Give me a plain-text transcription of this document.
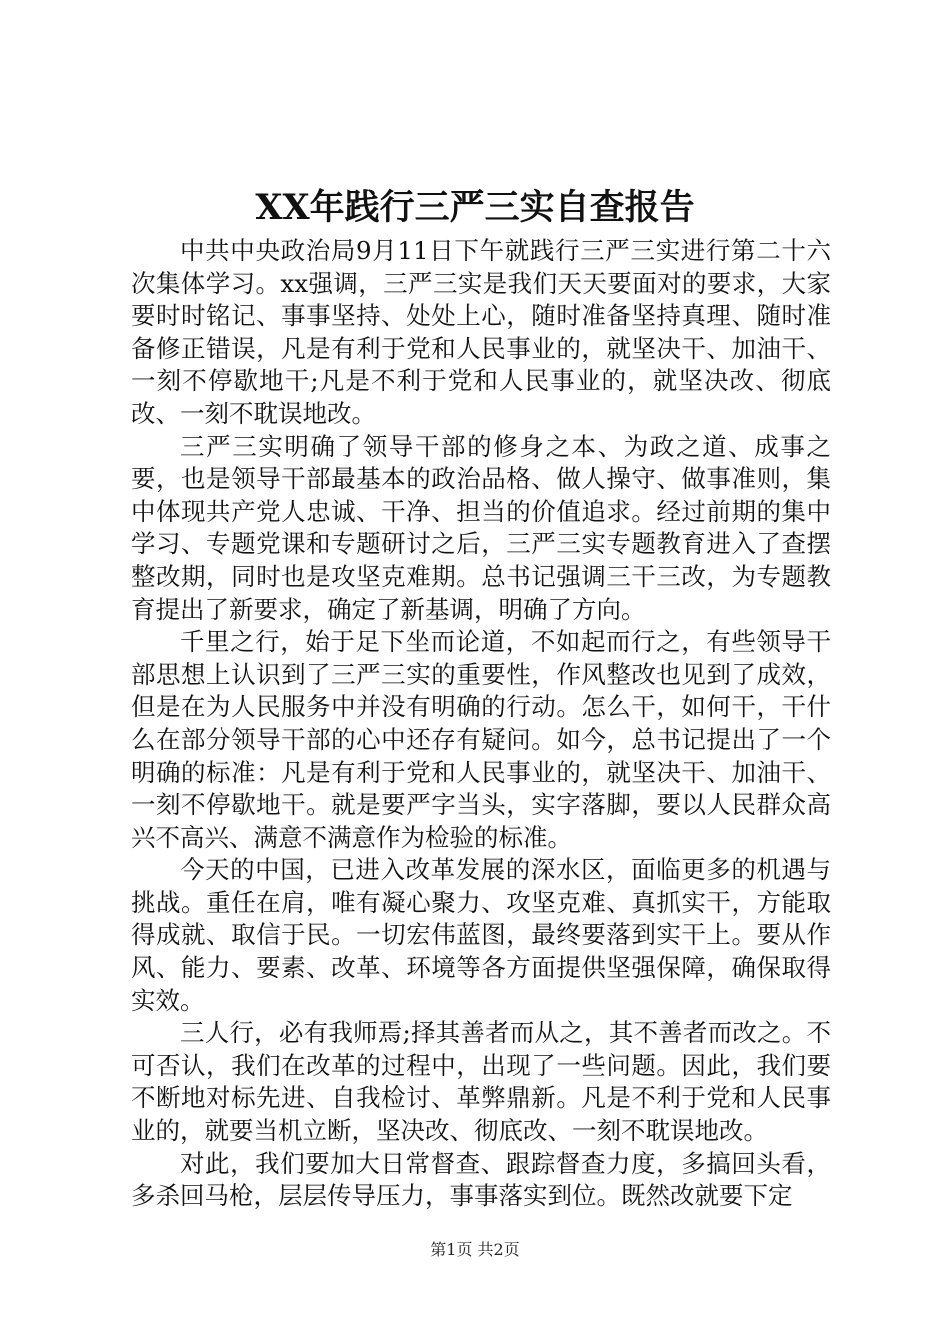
XX年践行三严三实自查报告

中共中央政治局9月11日下午就践行三严三实进行第二十六次集体学习。xx强调，三严三实是我们天天要面对的要求，大家要时时铭记、事事坚持、处处上心，随时准备坚持真理、随时准备修正错误，凡是有利于党和人民事业的，就坚决干、加油干、一刻不停歇地干;凡是不利于党和人民事业的，就坚决改、彻底改、一刻不耽误地改。

三严三实明确了领导干部的修身之本、为政之道、成事之要，也是领导干部最基本的政治品格、做人操守、做事准则，集中体现共产党人忠诚、干净、担当的价值追求。经过前期的集中学习、专题党课和专题研讨之后，三严三实专题教育进入了查摆整改期，同时也是攻坚克难期。总书记强调三干三改，为专题教育提出了新要求，确定了新基调，明确了方向。

千里之行，始于足下坐而论道，不如起而行之，有些领导干部思想上认识到了三严三实的重要性，作风整改也见到了成效，但是在为人民服务中并没有明确的行动。怎么干，如何干，干什么在部分领导干部的心中还存有疑问。如今，总书记提出了一个明确的标准：凡是有利于党和人民事业的，就坚决干、加油干、一刻不停歇地干。就是要严字当头，实字落脚，要以人民群众高兴不高兴、满意不满意作为检验的标准。

今天的中国，已进入改革发展的深水区，面临更多的机遇与挑战。重任在肩，唯有凝心聚力、攻坚克难、真抓实干，方能取得成就、取信于民。一切宏伟蓝图，最终要落到实干上。要从作风、能力、要素、改革、环境等各方面提供坚强保障，确保取得实效。

三人行，必有我师焉;择其善者而从之，其不善者而改之。不可否认，我们在改革的过程中，出现了一些问题。因此，我们要不断地对标先进、自我检讨、革弊鼎新。凡是不利于党和人民事业的，就要当机立断，坚决改、彻底改、一刻不耽误地改。

对此，我们要加大日常督查、跟踪督查力度，多搞回头看，多杀回马枪，层层传导压力，事事落实到位。既然改就要下定

第1页 共2页
